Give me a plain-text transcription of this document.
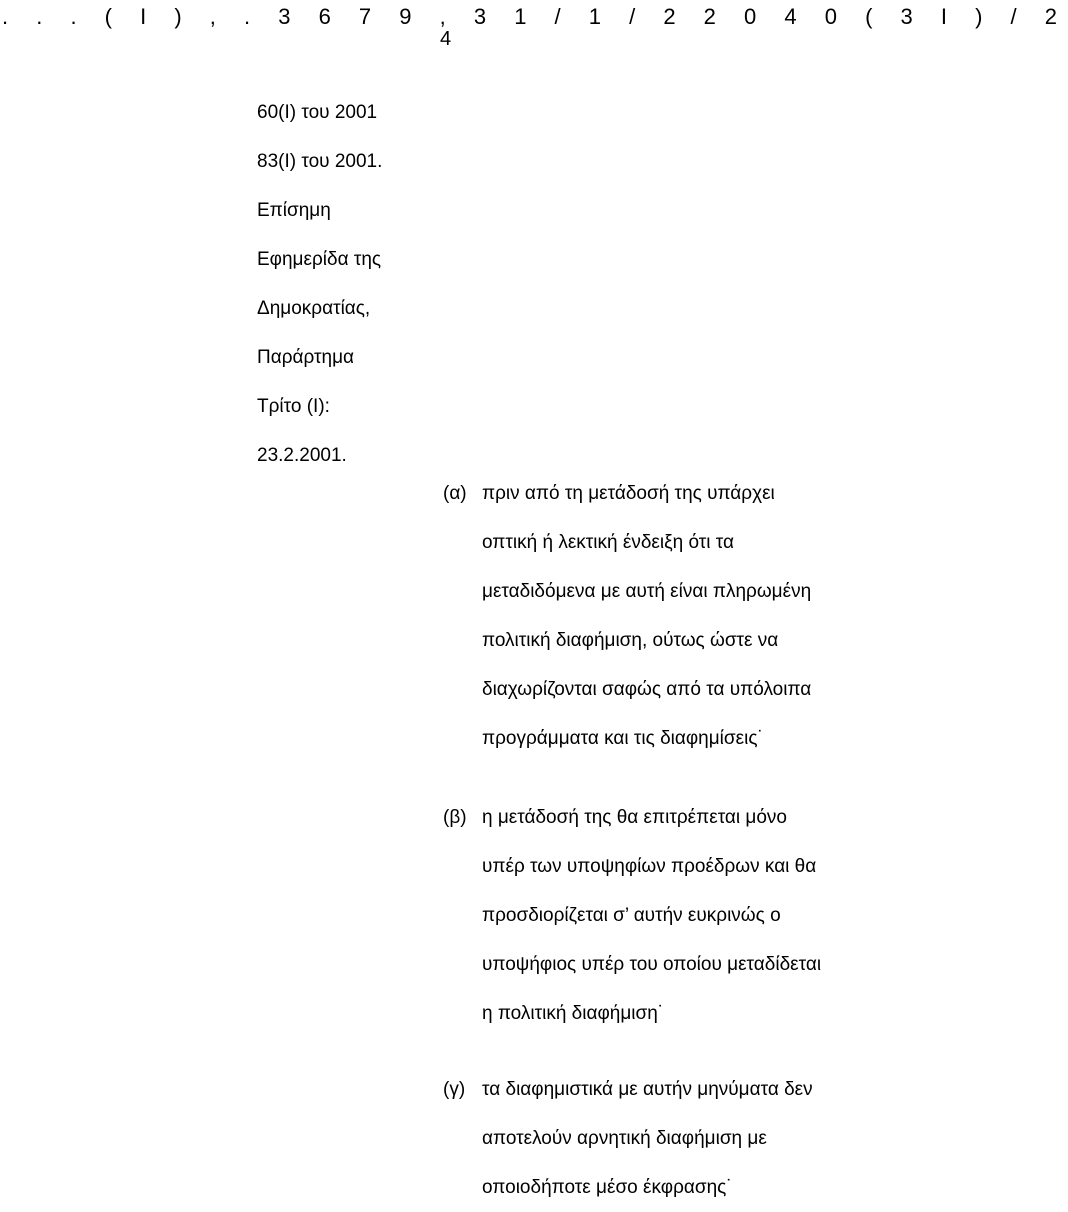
. . . ( Ι ) , . 3 6 7 9 , 3 1 / 1 / 2 2 0 4 0 ( 3 Ι ) / 2
4
60(Ι) του 2001
83(Ι) του 2001.
Επίσημη
Εφημερίδα της
Δημοκρατίας,
Παράρτημα
Τρίτο (Ι):
23.2.2001.
(α) πριν από τη μετάδοσή της υπάρχει
οπτική ή λεκτική ένδειξη ότι τα
μεταδιδόμενα με αυτή είναι πληρωμένη
πολιτική διαφήμιση, ούτως ώστε να
διαχωρίζονται σαφώς από τα υπόλοιπα
προγράμματα και τις διαφημίσεις˙
(β) η μετάδοσή της θα επιτρέπεται μόνο
υπέρ των υποψηφίων προέδρων και θα
προσδιορίζεται σ’ αυτήν ευκρινώς ο
υποψήφιος υπέρ του οποίου μεταδίδεται
η πολιτική διαφήμιση˙
(γ) τα διαφημιστικά με αυτήν μηνύματα δεν
αποτελούν αρνητική διαφήμιση με
οποιοδήποτε μέσο έκφρασης˙
